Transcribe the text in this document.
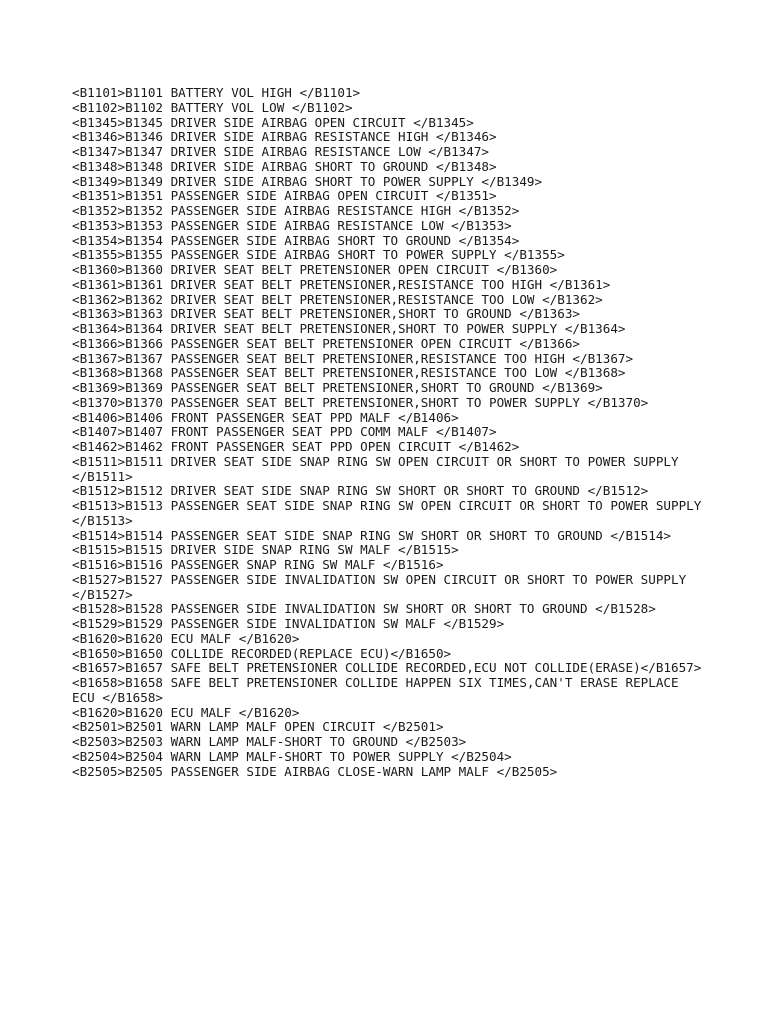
<B1101>B1101 BATTERY VOL HIGH </B1101>
<B1102>B1102 BATTERY VOL LOW </B1102>
<B1345>B1345 DRIVER SIDE AIRBAG OPEN CIRCUIT </B1345>
<B1346>B1346 DRIVER SIDE AIRBAG RESISTANCE HIGH </B1346>
<B1347>B1347 DRIVER SIDE AIRBAG RESISTANCE LOW </B1347>
<B1348>B1348 DRIVER SIDE AIRBAG SHORT TO GROUND </B1348>
<B1349>B1349 DRIVER SIDE AIRBAG SHORT TO POWER SUPPLY </B1349>
<B1351>B1351 PASSENGER SIDE AIRBAG OPEN CIRCUIT </B1351>
<B1352>B1352 PASSENGER SIDE AIRBAG RESISTANCE HIGH </B1352>
<B1353>B1353 PASSENGER SIDE AIRBAG RESISTANCE LOW </B1353>
<B1354>B1354 PASSENGER SIDE AIRBAG SHORT TO GROUND </B1354>
<B1355>B1355 PASSENGER SIDE AIRBAG SHORT TO POWER SUPPLY </B1355>
<B1360>B1360 DRIVER SEAT BELT PRETENSIONER OPEN CIRCUIT </B1360>
<B1361>B1361 DRIVER SEAT BELT PRETENSIONER,RESISTANCE TOO HIGH </B1361>
<B1362>B1362 DRIVER SEAT BELT PRETENSIONER,RESISTANCE TOO LOW </B1362>
<B1363>B1363 DRIVER SEAT BELT PRETENSIONER,SHORT TO GROUND </B1363>
<B1364>B1364 DRIVER SEAT BELT PRETENSIONER,SHORT TO POWER SUPPLY </B1364>
<B1366>B1366 PASSENGER SEAT BELT PRETENSIONER OPEN CIRCUIT </B1366>
<B1367>B1367 PASSENGER SEAT BELT PRETENSIONER,RESISTANCE TOO HIGH </B1367>
<B1368>B1368 PASSENGER SEAT BELT PRETENSIONER,RESISTANCE TOO LOW </B1368>
<B1369>B1369 PASSENGER SEAT BELT PRETENSIONER,SHORT TO GROUND </B1369>
<B1370>B1370 PASSENGER SEAT BELT PRETENSIONER,SHORT TO POWER SUPPLY </B1370>
<B1406>B1406 FRONT PASSENGER SEAT PPD MALF </B1406>
<B1407>B1407 FRONT PASSENGER SEAT PPD COMM MALF </B1407>
<B1462>B1462 FRONT PASSENGER SEAT PPD OPEN CIRCUIT </B1462>
<B1511>B1511 DRIVER SEAT SIDE SNAP RING SW OPEN CIRCUIT OR SHORT TO POWER SUPPLY
</B1511>
<B1512>B1512 DRIVER SEAT SIDE SNAP RING SW SHORT OR SHORT TO GROUND </B1512>
<B1513>B1513 PASSENGER SEAT SIDE SNAP RING SW OPEN CIRCUIT OR SHORT TO POWER SUPPLY
</B1513>
<B1514>B1514 PASSENGER SEAT SIDE SNAP RING SW SHORT OR SHORT TO GROUND </B1514>
<B1515>B1515 DRIVER SIDE SNAP RING SW MALF </B1515>
<B1516>B1516 PASSENGER SNAP RING SW MALF </B1516>
<B1527>B1527 PASSENGER SIDE INVALIDATION SW OPEN CIRCUIT OR SHORT TO POWER SUPPLY
</B1527>
<B1528>B1528 PASSENGER SIDE INVALIDATION SW SHORT OR SHORT TO GROUND </B1528>
<B1529>B1529 PASSENGER SIDE INVALIDATION SW MALF </B1529>
<B1620>B1620 ECU MALF </B1620>
<B1650>B1650 COLLIDE RECORDED(REPLACE ECU)</B1650>
<B1657>B1657 SAFE BELT PRETENSIONER COLLIDE RECORDED,ECU NOT COLLIDE(ERASE)</B1657>
<B1658>B1658 SAFE BELT PRETENSIONER COLLIDE HAPPEN SIX TIMES,CAN'T ERASE REPLACE
ECU </B1658>
<B1620>B1620 ECU MALF </B1620>
<B2501>B2501 WARN LAMP MALF OPEN CIRCUIT </B2501>
<B2503>B2503 WARN LAMP MALF-SHORT TO GROUND </B2503>
<B2504>B2504 WARN LAMP MALF-SHORT TO POWER SUPPLY </B2504>
<B2505>B2505 PASSENGER SIDE AIRBAG CLOSE-WARN LAMP MALF </B2505>
